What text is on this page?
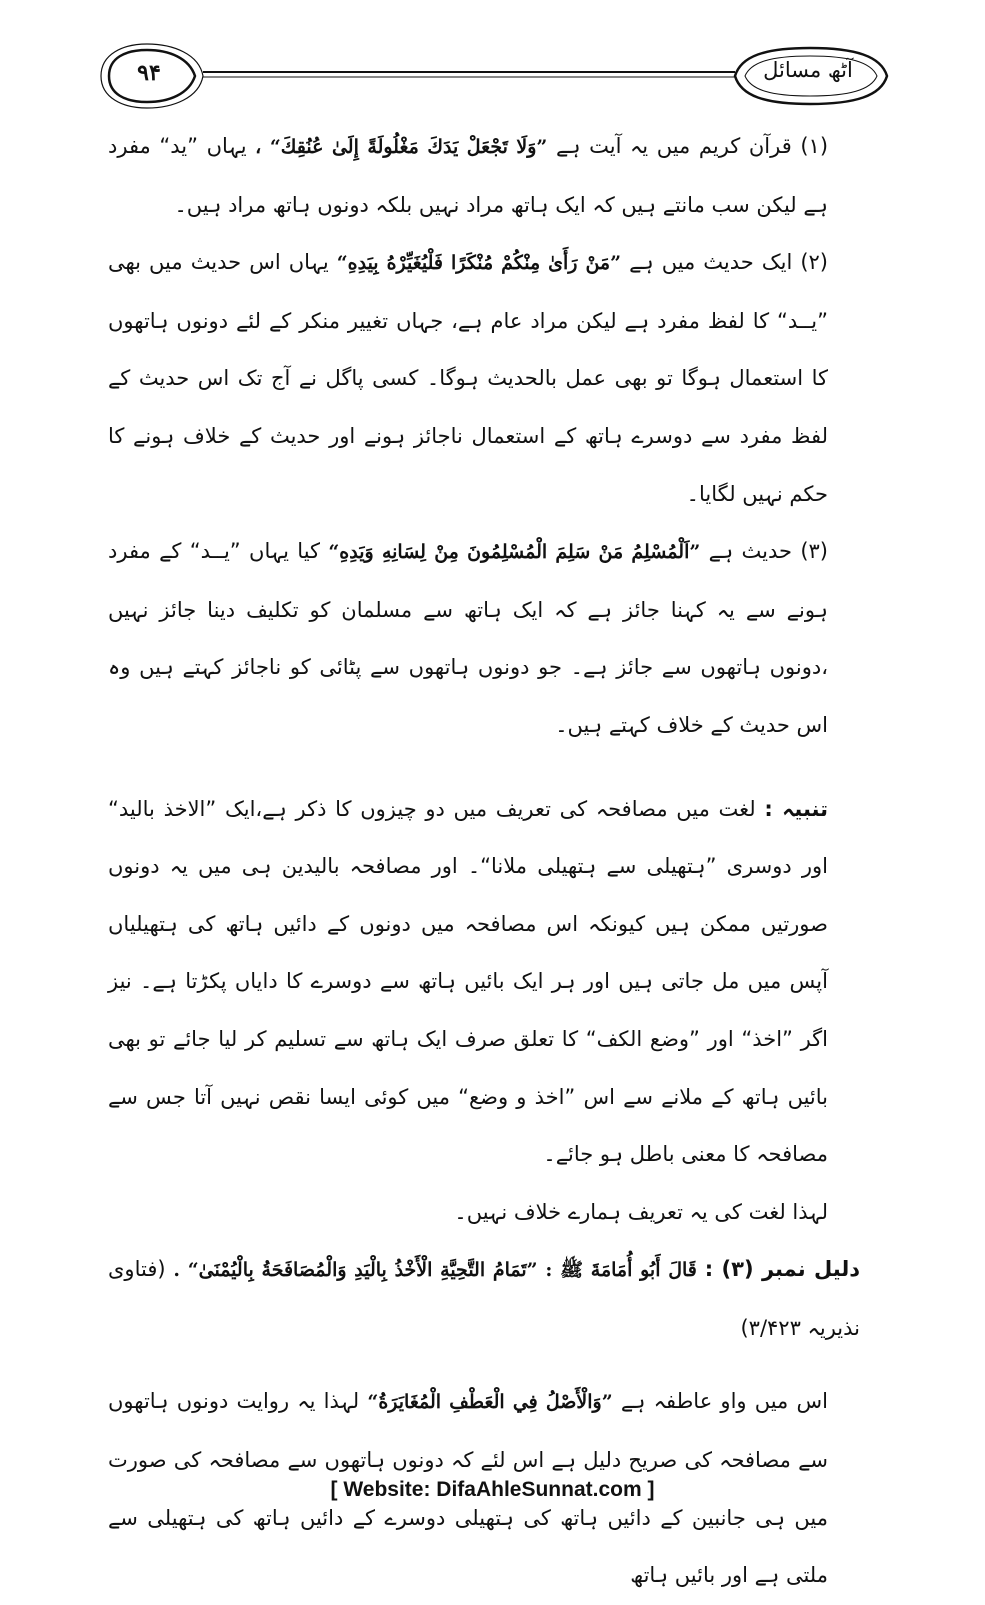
۹۴	آٹھ مسائل

(۱) قرآن کریم میں یہ آیت ہے ”وَلَا تَجْعَلْ يَدَكَ مَغْلُولَةً إِلَىٰ عُنُقِكَ“ ، یہاں ”ید“ مفرد ہے لیکن سب مانتے ہیں کہ ایک ہاتھ مراد نہیں بلکہ دونوں ہاتھ مراد ہیں۔

(۲) ایک حدیث میں ہے ”مَنْ رَأَىٰ مِنْكُمْ مُنْكَرًا فَلْيُغَيِّرْهُ بِيَدِهِ“ یہاں اس حدیث میں بھی ”یــد“ کا لفظ مفرد ہے لیکن مراد عام ہے، جہاں تغییر منکر کے لئے دونوں ہاتھوں کا استعمال ہوگا تو بھی عمل بالحدیث ہوگا۔ کسی پاگل نے آج تک اس حدیث کے لفظ مفرد سے دوسرے ہاتھ کے استعمال ناجائز ہونے اور حدیث کے خلاف ہونے کا حکم نہیں لگایا۔

(۳) حدیث ہے ”اَلْمُسْلِمُ مَنْ سَلِمَ الْمُسْلِمُونَ مِنْ لِسَانِهِ وَيَدِهِ“ کیا یہاں ”یــد“ کے مفرد ہونے سے یہ کہنا جائز ہے کہ ایک ہاتھ سے مسلمان کو تکلیف دینا جائز نہیں ،دونوں ہاتھوں سے جائز ہے۔ جو دونوں ہاتھوں سے پٹائی کو ناجائز کہتے ہیں وہ اس حدیث کے خلاف کہتے ہیں۔

تنبیہ : لغت میں مصافحہ کی تعریف میں دو چیزوں کا ذکر ہے،ایک ”الاخذ بالید“ اور دوسری ”ہتھیلی سے ہتھیلی ملانا“۔ اور مصافحہ بالیدین ہی میں یہ دونوں صورتیں ممکن ہیں کیونکہ اس مصافحہ میں دونوں کے دائیں ہاتھ کی ہتھیلیاں آپس میں مل جاتی ہیں اور ہر ایک بائیں ہاتھ سے دوسرے کا دایاں پکڑتا ہے۔ نیز اگر ”اخذ“ اور ”وضع الکف“ کا تعلق صرف ایک ہاتھ سے تسلیم کر لیا جائے تو بھی بائیں ہاتھ کے ملانے سے اس ”اخذ و وضع“ میں کوئی ایسا نقص نہیں آتا جس سے مصافحہ کا معنی باطل ہو جائے۔

لہذا لغت کی یہ تعریف ہمارے خلاف نہیں۔

دلیل نمبر (۳) : قَالَ أَبُو أُمَامَةَ ﷺ : ”تَمَامُ التَّحِيَّةِ الْأَخْذُ بِالْيَدِ وَالْمُصَافَحَةُ بِالْيُمْنَىٰ“ . (فتاوی نذیریہ ۳/۴۲۳)

اس میں واو عاطفہ ہے ”وَالْأَصْلُ فِي الْعَطْفِ الْمُغَايَرَةُ“ لہذا یہ روایت دونوں ہاتھوں سے مصافحہ کی صریح دلیل ہے اس لئے کہ دونوں ہاتھوں سے مصافحہ کی صورت میں ہی جانبین کے دائیں ہاتھ کی ہتھیلی دوسرے کے دائیں ہاتھ کی ہتھیلی سے ملتی ہے اور بائیں ہاتھ

[ Website: DifaAhleSunnat.com ]
